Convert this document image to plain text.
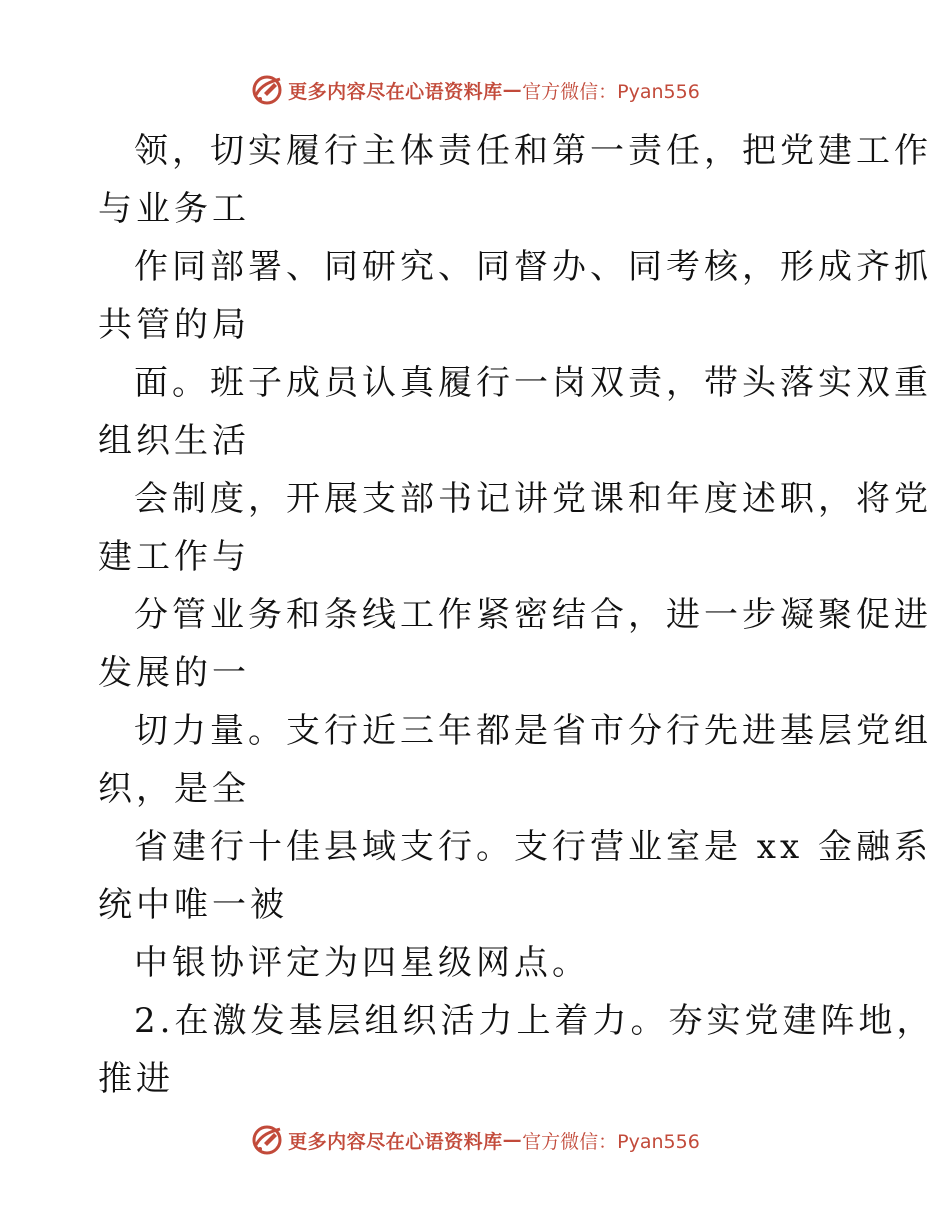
更多内容尽在心语资料库 — 官方微信：Pyan556
领，切实履行主体责任和第一责任，把党建工作
与业务工
作同部署、同研究、同督办、同考核，形成齐抓
共管的局
面。班子成员认真履行一岗双责，带头落实双重
组织生活
会制度，开展支部书记讲党课和年度述职，将党
建工作与
分管业务和条线工作紧密结合，进一步凝聚促进
发展的一
切力量。支行近三年都是省市分行先进基层党组
织，是全
省建行十佳县域支行。支行营业室是 xx 金融系
统中唯一被
中银协评定为四星级网点。
2.在激发基层组织活力上着力。夯实党建阵地，
推进
更多内容尽在心语资料库 — 官方微信：Pyan556
